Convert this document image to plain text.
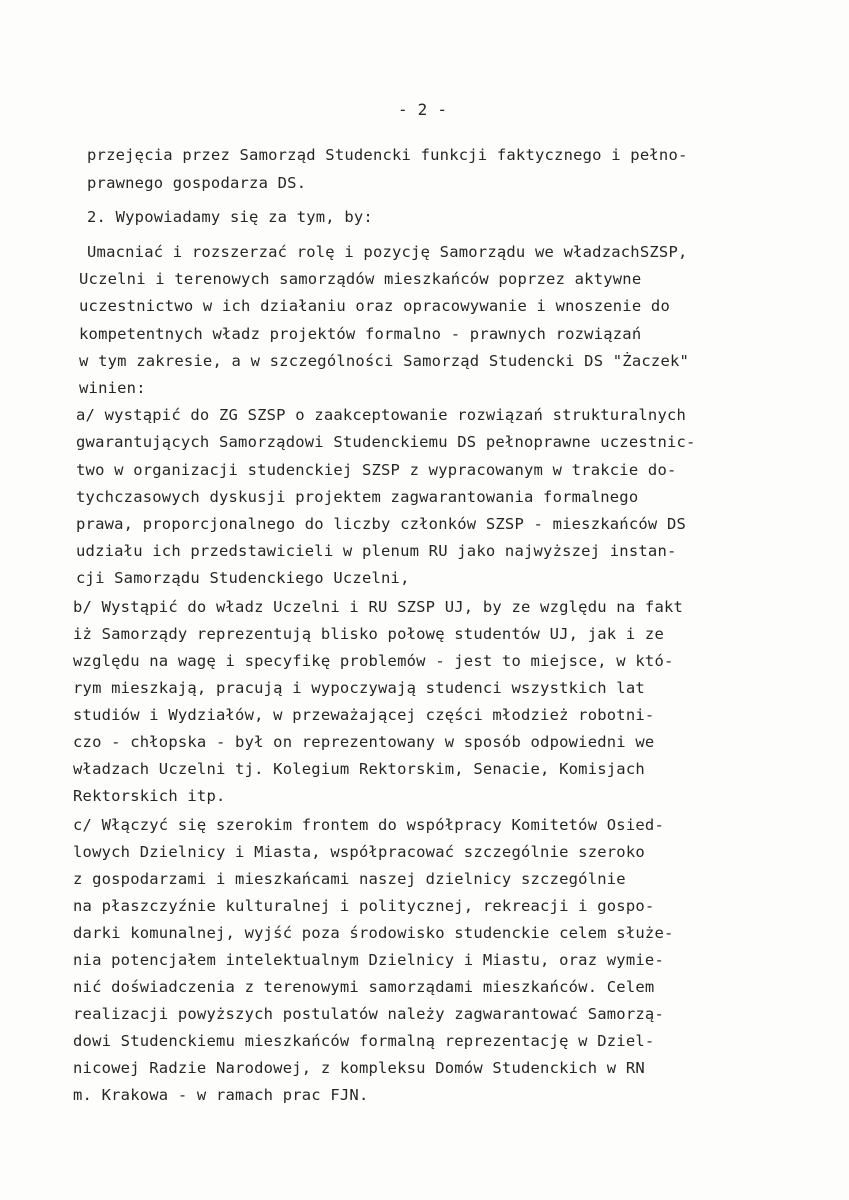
- 2 -
przejęcia przez Samorząd Studencki funkcji faktycznego i pełno-
prawnego gospodarza DS.
2. Wypowiadamy się za tym, by:
Umacniać i rozszerzać rolę i pozycję Samorządu we władzachSZSP,
Uczelni i terenowych samorządów mieszkańców poprzez aktywne
uczestnictwo w ich działaniu oraz opracowywanie i wnoszenie do
kompetentnych władz projektów formalno - prawnych rozwiązań
w tym zakresie, a w szczególności Samorząd Studencki DS "Żaczek"
winien:
a/ wystąpić do ZG SZSP o zaakceptowanie rozwiązań strukturalnych
gwarantujących Samorządowi Studenckiemu DS pełnoprawne uczestnic-
two w organizacji studenckiej SZSP z wypracowanym w trakcie do-
tychczasowych dyskusji projektem zagwarantowania formalnego
prawa, proporcjonalnego do liczby członków SZSP - mieszkańców DS
udziału ich przedstawicieli w plenum RU jako najwyższej instan-
cji Samorządu Studenckiego Uczelni,
b/ Wystąpić do władz Uczelni i RU SZSP UJ, by ze względu na fakt
iż Samorządy reprezentują blisko połowę studentów UJ, jak i ze
względu na wagę i specyfikę problemów - jest to miejsce, w któ-
rym mieszkają, pracują i wypoczywają studenci wszystkich lat
studiów i Wydziałów, w przeważającej części młodzież robotni-
czo - chłopska - był on reprezentowany w sposób odpowiedni we
władzach Uczelni tj. Kolegium Rektorskim, Senacie, Komisjach
Rektorskich itp.
c/ Włączyć się szerokim frontem do współpracy Komitetów Osied-
lowych Dzielnicy i Miasta, współpracować szczególnie szeroko
z gospodarzami i mieszkańcami naszej dzielnicy szczególnie
na płaszczyźnie kulturalnej i politycznej, rekreacji i gospo-
darki komunalnej, wyjść poza środowisko studenckie celem służe-
nia potencjałem intelektualnym Dzielnicy i Miastu, oraz wymie-
nić doświadczenia z terenowymi samorządami mieszkańców. Celem
realizacji powyższych postulatów należy zagwarantować Samorzą-
dowi Studenckiemu mieszkańców formalną reprezentację w Dziel-
nicowej Radzie Narodowej, z kompleksu Domów Studenckich w RN
m. Krakowa - w ramach prac FJN.
